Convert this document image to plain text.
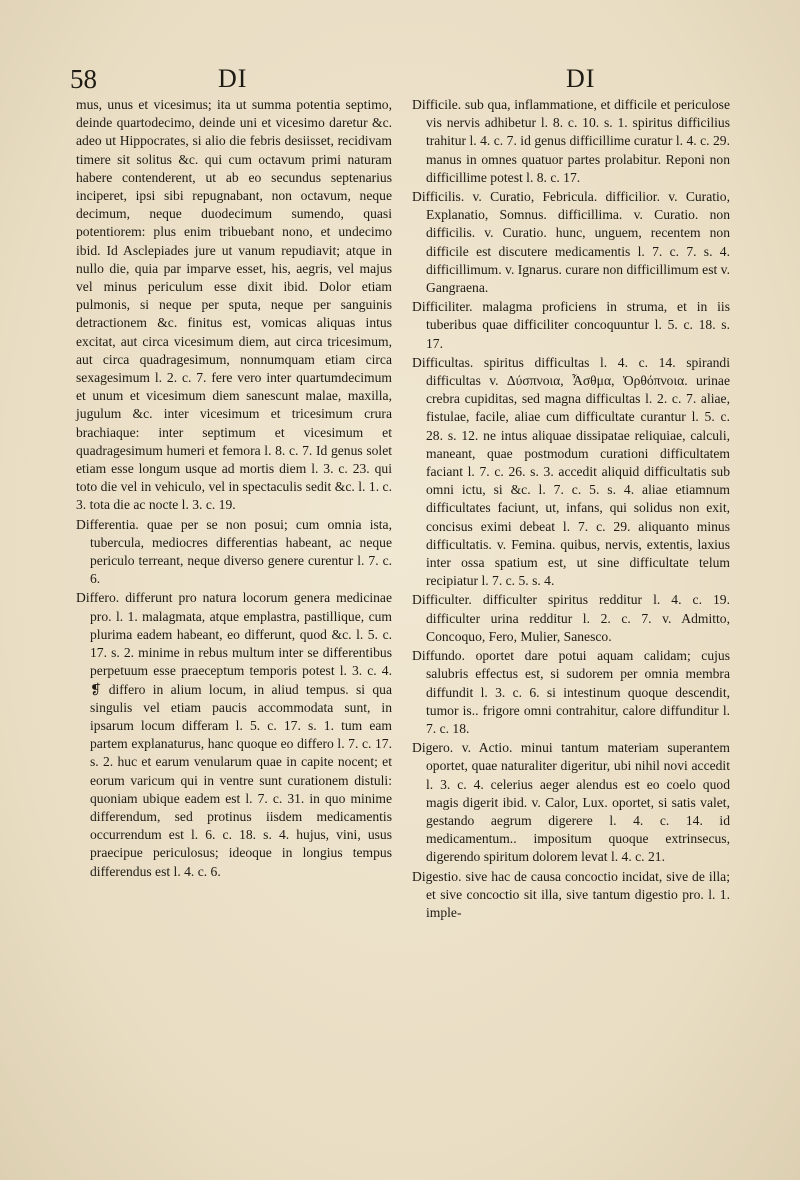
58	DI	DI

mus, unus et vicesimus; ita ut summa potentia septimo, deinde quartodecimo, deinde uni et vicesimo daretur &c. adeo ut Hippocrates, si alio die febris desiisset, recidivam timere sit solitus &c. qui cum octavum primi naturam habere contenderent, ut ab eo secundus septenarius inciperet, ipsi sibi repugnabant, non octavum, neque decimum, neque duodecimum sumendo, quasi potentiorem: plus enim tribuebant nono, et undecimo ibid. Id Asclepiades jure ut vanum repudiavit; atque in nullo die, quia par imparve esset, his, aegris, vel majus vel minus periculum esse dixit ibid. Dolor etiam pulmonis, si neque per sputa, neque per sanguinis detractionem &c. finitus est, vomicas aliquas intus excitat, aut circa vicesimum diem, aut circa tricesimum, aut circa quadragesimum, nonnumquam etiam circa sexagesimum l. 2. c. 7. fere vero inter quartumdecimum et unum et vicesimum diem sanescunt malae, maxilla, jugulum &c. inter vicesimum et tricesimum crura brachiaque: inter septimum et vicesimum et quadragesimum humeri et femora l. 8. c. 7. Id genus solet etiam esse longum usque ad mortis diem l. 3. c. 23. qui toto die vel in vehiculo, vel in spectaculis sedit &c. l. 1. c. 3. tota die ac nocte l. 3. c. 19.

Differentia. quae per se non posui; cum omnia ista, tubercula, mediocres differentias habeant, ac neque periculo terreant, neque diverso genere curentur l. 7. c. 6.

Differo. differunt pro natura locorum genera medicinae pro. l. 1. malagmata, atque emplastra, pastillique, cum plurima eadem habeant, eo differunt, quod &c. l. 5. c. 17. s. 2. minime in rebus multum inter se differentibus perpetuum esse praeceptum temporis potest l. 3. c. 4. ❡ differo in alium locum, in aliud tempus. si qua singulis vel etiam paucis accommodata sunt, in ipsarum locum differam l. 5. c. 17. s. 1. tum eam partem explanaturus, hanc quoque eo differo l. 7. c. 17. s. 2. huc et earum venularum quae in capite nocent; et eorum varicum qui in ventre sunt curationem distuli: quoniam ubique eadem est l. 7. c. 31. in quo minime differendum, sed protinus iisdem medicamentis occurrendum est l. 6. c. 18. s. 4. hujus, vini, usus praecipue periculosus; ideoque in longius tempus differendus est l. 4. c. 6.

Difficile. sub qua, inflammatione, et difficile et periculose vis nervis adhibetur l. 8. c. 10. s. 1. spiritus difficilius trahitur l. 4. c. 7. id genus difficillime curatur l. 4. c. 29. manus in omnes quatuor partes prolabitur. Reponi non difficillime potest l. 8. c. 17.

Difficilis. v. Curatio, Febricula. difficilior. v. Curatio, Explanatio, Somnus. difficillima. v. Curatio. non difficilis. v. Curatio. hunc, unguem, recentem non difficile est discutere medicamentis l. 7. c. 7. s. 4. difficillimum. v. Ignarus. curare non difficillimum est v. Gangraena.

Difficiliter. malagma proficiens in struma, et in iis tuberibus quae difficiliter concoquuntur l. 5. c. 18. s. 17.

Difficultas. spiritus difficultas l. 4. c. 14. spirandi difficultas v. Δύσπνοια, Ἆσθμα, Ὀρθόπνοια. urinae crebra cupiditas, sed magna difficultas l. 2. c. 7. aliae, fistulae, facile, aliae cum difficultate curantur l. 5. c. 28. s. 12. ne intus aliquae dissipatae reliquiae, calculi, maneant, quae postmodum curationi difficultatem faciant l. 7. c. 26. s. 3. accedit aliquid difficultatis sub omni ictu, si &c. l. 7. c. 5. s. 4. aliae etiamnum difficultates faciunt, ut, infans, qui solidus non exit, concisus eximi debeat l. 7. c. 29. aliquanto minus difficultatis. v. Femina. quibus, nervis, extentis, laxius inter ossa spatium est, ut sine difficultate telum recipiatur l. 7. c. 5. s. 4.

Difficulter. difficulter spiritus redditur l. 4. c. 19. difficulter urina redditur l. 2. c. 7. v. Admitto, Concoquo, Fero, Mulier, Sanesco.

Diffundo. oportet dare potui aquam calidam; cujus salubris effectus est, si sudorem per omnia membra diffundit l. 3. c. 6. si intestinum quoque descendit, tumor is.. frigore omni contrahitur, calore diffunditur l. 7. c. 18.

Digero. v. Actio. minui tantum materiam superantem oportet, quae naturaliter digeritur, ubi nihil novi accedit l. 3. c. 4. celerius aeger alendus est eo coelo quod magis digerit ibid. v. Calor, Lux. oportet, si satis valet, gestando aegrum digerere l. 4. c. 14. id medicamentum.. impositum quoque extrinsecus, digerendo spiritum dolorem levat l. 4. c. 21.

Digestio. sive hac de causa concoctio incidat, sive de illa; et sive concoctio sit illa, sive tantum digestio pro. l. 1. imple-
